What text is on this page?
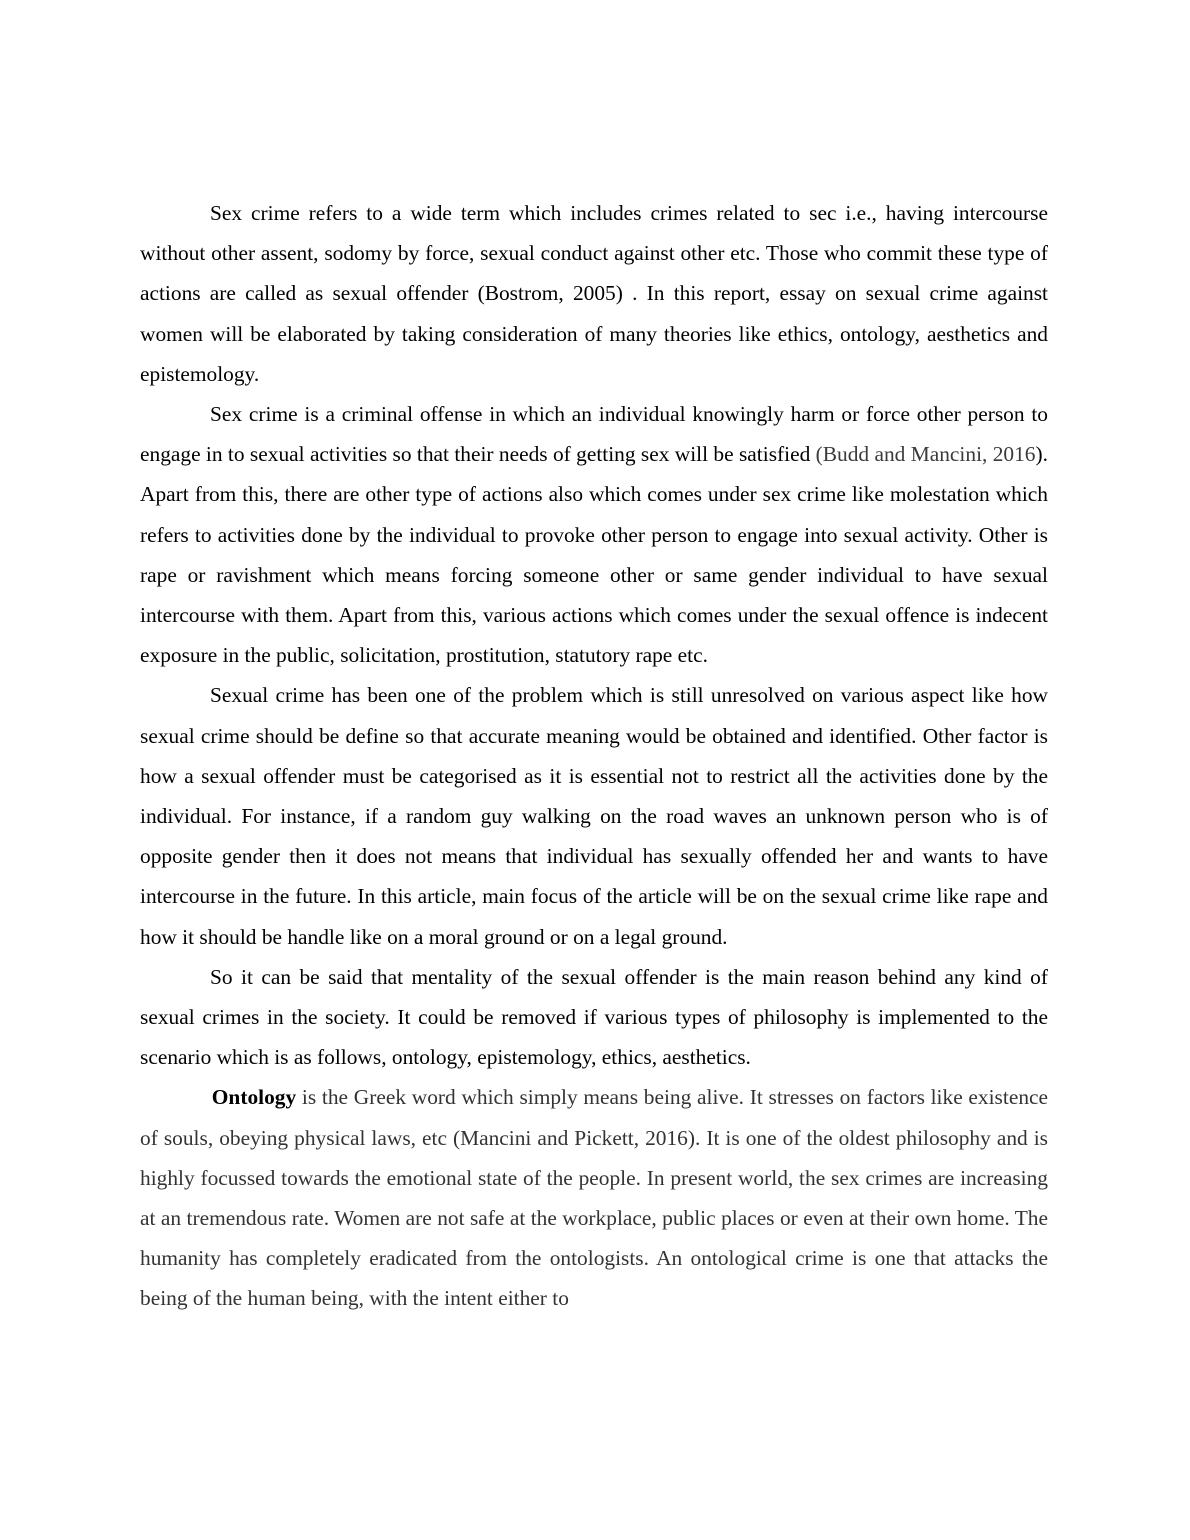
Sex crime refers to a wide term which includes crimes related to sec i.e., having intercourse without other assent, sodomy by force, sexual conduct against other etc. Those who commit these type of actions are called as sexual offender (Bostrom, 2005) . In this report, essay on sexual crime against women will be elaborated by taking consideration of many theories like ethics, ontology, aesthetics and epistemology.

Sex crime is a criminal offense in which an individual knowingly harm or force other person to engage in to sexual activities so that their needs of getting sex will be satisfied (Budd and Mancini, 2016). Apart from this, there are other type of actions also which comes under sex crime like molestation which refers to activities done by the individual to provoke other person to engage into sexual activity. Other is rape or ravishment which means forcing someone other or same gender individual to have sexual intercourse with them. Apart from this, various actions which comes under the sexual offence is indecent exposure in the public, solicitation, prostitution, statutory rape etc.

Sexual crime has been one of the problem which is still unresolved on various aspect like how sexual crime should be define so that accurate meaning would be obtained and identified. Other factor is how a sexual offender must be categorised as it is essential not to restrict all the activities done by the individual. For instance, if a random guy walking on the road waves an unknown person who is of opposite gender then it does not means that individual has sexually offended her and wants to have intercourse in the future. In this article, main focus of the article will be on the sexual crime like rape and how it should be handle like on a moral ground or on a legal ground.

So it can be said that mentality of the sexual offender is the main reason behind any kind of sexual crimes in the society. It could be removed if various types of philosophy is implemented to the scenario which is as follows, ontology, epistemology, ethics, aesthetics.

 Ontology is the Greek word which simply means being alive. It stresses on factors like existence of souls, obeying physical laws, etc (Mancini and Pickett, 2016). It is one of the oldest philosophy and is highly focussed towards the emotional state of the people. In present world, the sex crimes are increasing at an tremendous rate. Women are not safe at the workplace, public places or even at their own home. The humanity has completely eradicated from the ontologists. An ontological crime is one that attacks the being of the human being, with the intent either to
